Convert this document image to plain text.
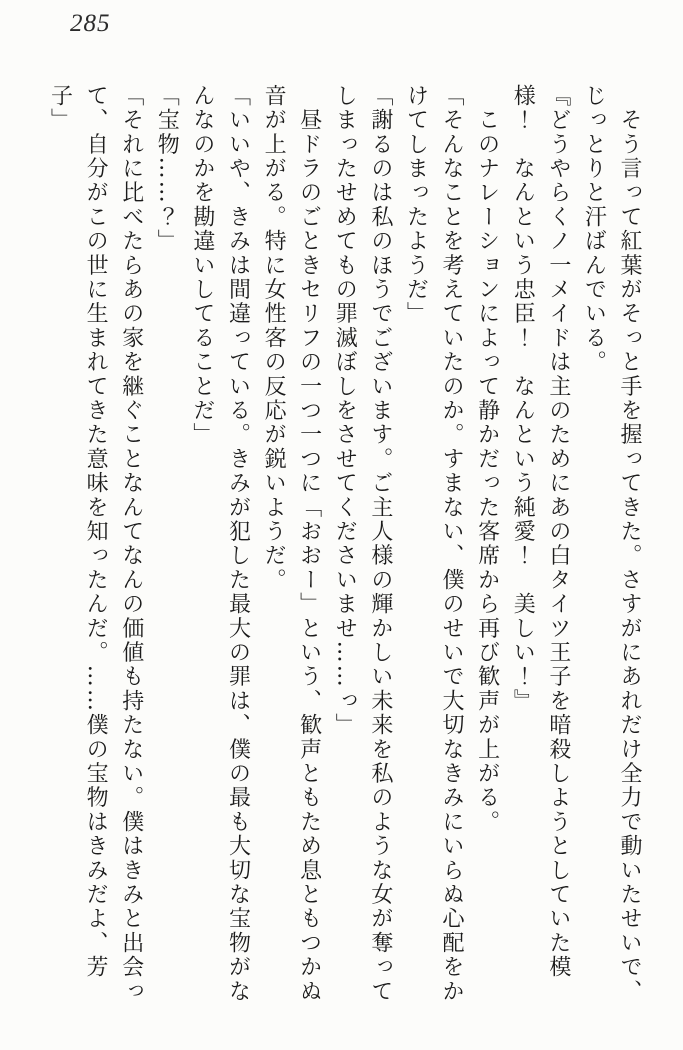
285
　そう言って紅葉がそっと手を握ってきた。さすがにあれだけ全力で動いたせいで、
じっとりと汗ばんでいる。
『どうやらくノ一メイドは主のためにあの白タイツ王子を暗殺しようとしていた模
様！　なんという忠臣！　なんという純愛！　美しい！』
　このナレーションによって静かだった客席から再び歓声が上がる。
「そんなことを考えていたのか。すまない、僕のせいで大切なきみにいらぬ心配をか
けてしまったようだ」
「謝るのは私のほうでございます。ご主人様の輝かしい未来を私のような女が奪って
しまったせめてもの罪滅ぼしをさせてくださいませ……っ」
　昼ドラのごときセリフの一つ一つに「おおー」という、歓声ともため息ともつかぬ
音が上がる。特に女性客の反応が鋭いようだ。
「いいや、きみは間違っている。きみが犯した最大の罪は、僕の最も大切な宝物がな
んなのかを勘違いしてることだ」
「宝物……？」
「それに比べたらあの家を継ぐことなんてなんの価値も持たない。僕はきみと出会っ
て、自分がこの世に生まれてきた意味を知ったんだ。……僕の宝物はきみだよ、芳
子」
